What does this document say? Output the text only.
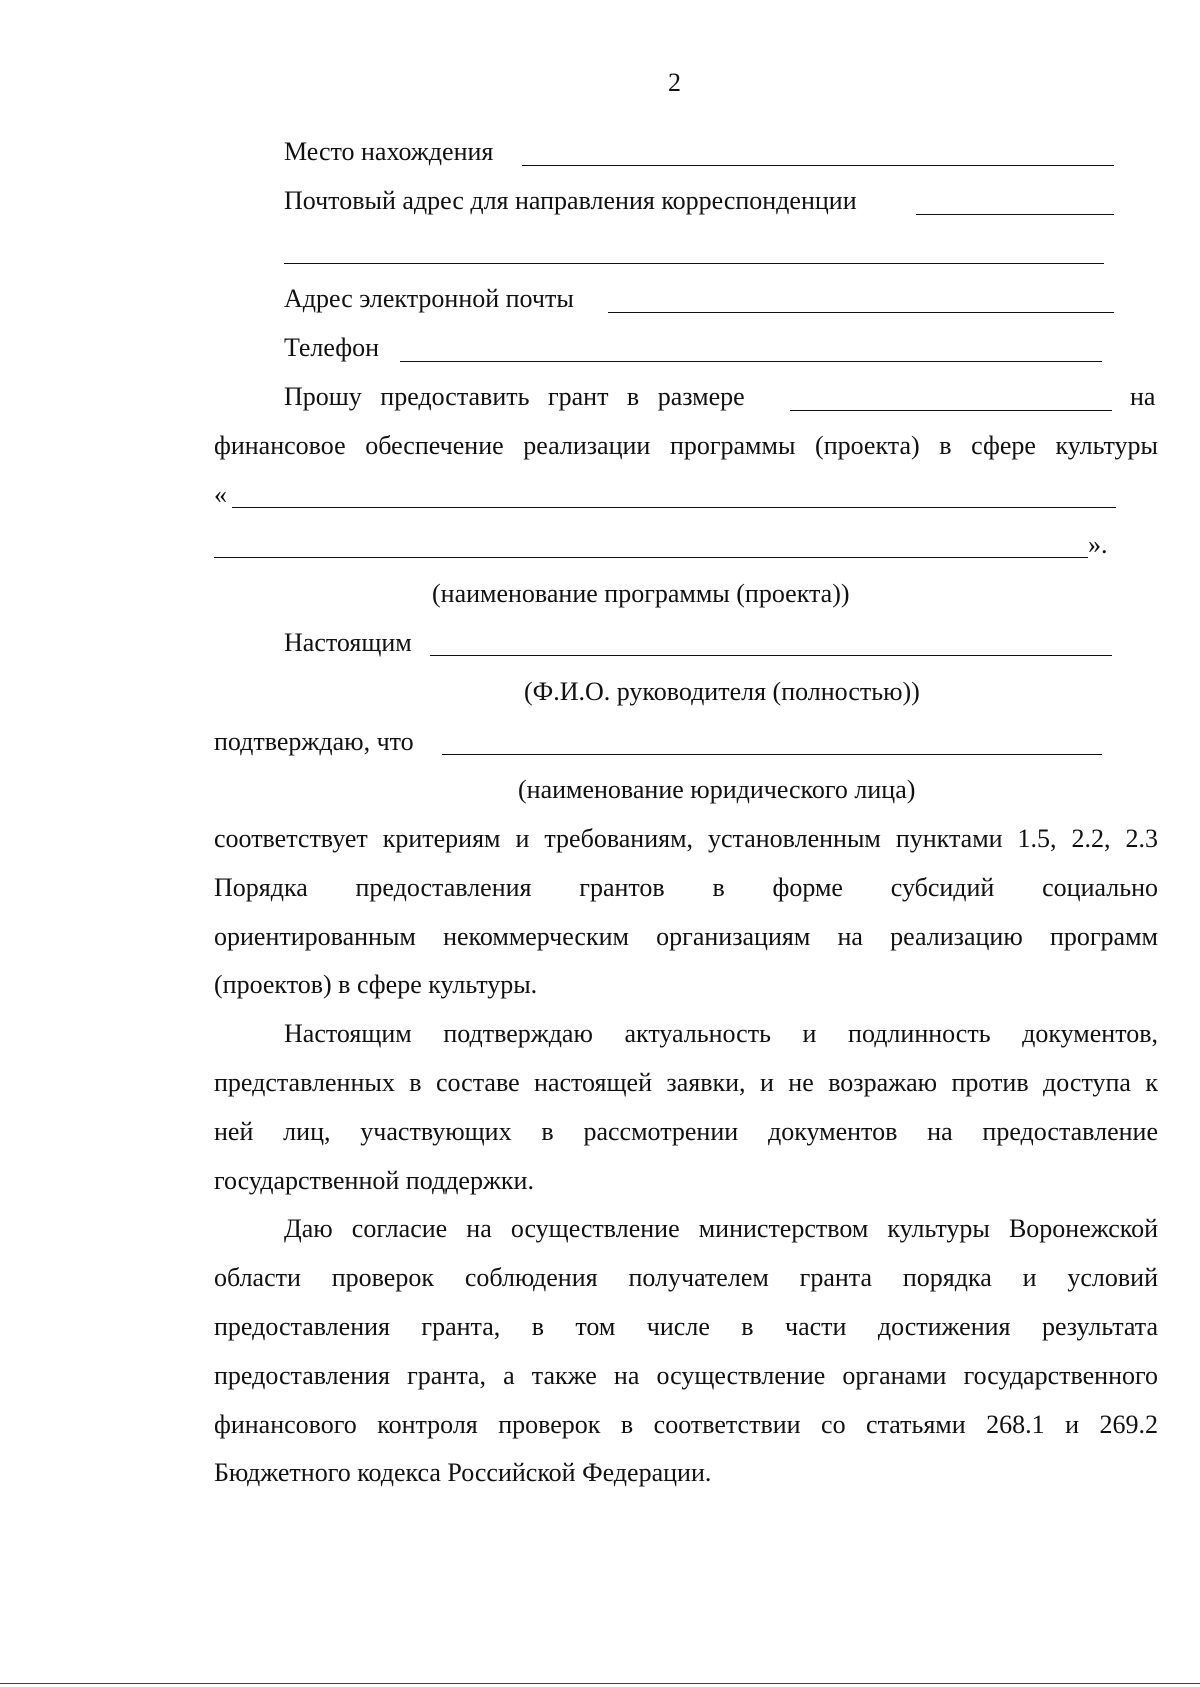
2
Место нахождения
Почтовый адрес для направления корреспонденции
Адрес электронной почты
Телефон
Прошу предоставить грант в размере	на
финансовое обеспечение реализации программы (проекта) в сфере культуры
«
».
(наименование программы (проекта))
Настоящим
(Ф.И.О. руководителя (полностью))
подтверждаю, что
(наименование юридического лица)
соответствует критериям и требованиям, установленным пунктами 1.5, 2.2, 2.3
Порядка предоставления грантов в форме субсидий социально
ориентированным некоммерческим организациям на реализацию программ
(проектов) в сфере культуры.
Настоящим подтверждаю актуальность и подлинность документов,
представленных в составе настоящей заявки, и не возражаю против доступа к
ней лиц, участвующих в рассмотрении документов на предоставление
государственной поддержки.
Даю согласие на осуществление министерством культуры Воронежской
области проверок соблюдения получателем гранта порядка и условий
предоставления гранта, в том числе в части достижения результата
предоставления гранта, а также на осуществление органами государственного
финансового контроля проверок в соответствии со статьями 268.1 и 269.2
Бюджетного кодекса Российской Федерации.
